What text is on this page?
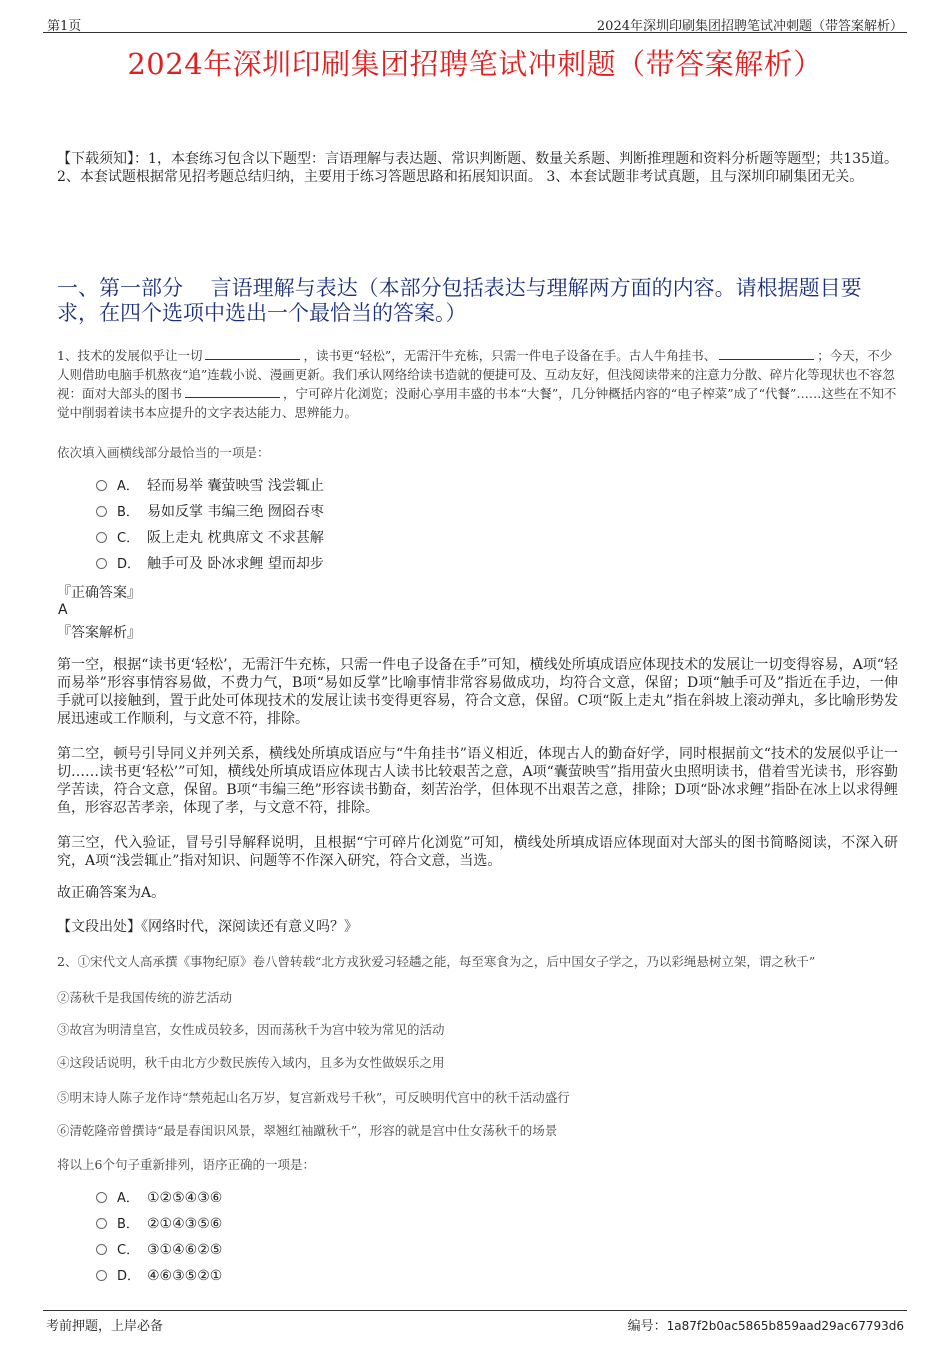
第1页	2024年深圳印刷集团招聘笔试冲刺题（带答案解析）
2024年深圳印刷集团招聘笔试冲刺题（带答案解析）
【下载须知】：1，本套练习包含以下题型：言语理解与表达题、常识判断题、数量关系题、判断推理题和资料分析题等题型；共135道。 2、本套试题根据常见招考题总结归纳，主要用于练习答题思路和拓展知识面。 3、本套试题非考试真题，且与深圳印刷集团无关。
一、第一部分　 言语理解与表达（本部分包括表达与理解两方面的内容。请根据题目要求，在四个选项中选出一个最恰当的答案。）
1、技术的发展似乎让一切	，读书更“轻松”，无需汗牛充栋，只需一件电子设备在手。古人牛角挂书、	；今天，不少人则借助电脑手机熬夜“追”连载小说、漫画更新。我们承认网络给读书造就的便捷可及、互动友好，但浅阅读带来的注意力分散、碎片化等现状也不容忽视：面对大部头的图书	，宁可碎片化浏览；没耐心享用丰盛的书本“大餐”，几分钟概括内容的“电子榨菜”成了“代餐”……这些在不知不觉中削弱着读书本应提升的文字表达能力、思辨能力。
依次填入画横线部分最恰当的一项是：
A． 轻而易举 囊萤映雪 浅尝辄止
B． 易如反掌 韦编三绝 囫囵吞枣
C． 阪上走丸 枕典席文 不求甚解
D． 触手可及 卧冰求鲤 望而却步
『正确答案』
A
『答案解析』
第一空，根据“读书更‘轻松’，无需汗牛充栋，只需一件电子设备在手”可知，横线处所填成语应体现技术的发展让一切变得容易，A项“轻而易举”形容事情容易做，不费力气，B项“易如反掌”比喻事情非常容易做成功，均符合文意，保留；D项“触手可及”指近在手边，一伸手就可以接触到，置于此处可体现技术的发展让读书变得更容易，符合文意，保留。C项“阪上走丸”指在斜坡上滚动弹丸，多比喻形势发展迅速或工作顺利，与文意不符，排除。
第二空，顿号引导同义并列关系，横线处所填成语应与“牛角挂书”语义相近，体现古人的勤奋好学，同时根据前文“技术的发展似乎让一切……读书更‘轻松’”可知，横线处所填成语应体现古人读书比较艰苦之意，A项“囊萤映雪”指用萤火虫照明读书，借着雪光读书，形容勤学苦读，符合文意，保留。B项“韦编三绝”形容读书勤奋，刻苦治学，但体现不出艰苦之意，排除；D项“卧冰求鲤”指卧在冰上以求得鲤鱼，形容忍苦孝亲，体现了孝，与文意不符，排除。
第三空，代入验证，冒号引导解释说明，且根据“宁可碎片化浏览”可知，横线处所填成语应体现面对大部头的图书简略阅读，不深入研究，A项“浅尝辄止”指对知识、问题等不作深入研究，符合文意，当选。
故正确答案为A。
【文段出处】《网络时代，深阅读还有意义吗？》
2、①宋代文人高承撰《事物纪原》卷八曾转载“北方戎狄爱习轻趫之能，每至寒食为之，后中国女子学之，乃以彩绳悬树立架，谓之秋千”
②荡秋千是我国传统的游艺活动
③故宫为明清皇宫，女性成员较多，因而荡秋千为宫中较为常见的活动
④这段话说明，秋千由北方少数民族传入域内，且多为女性做娱乐之用
⑤明末诗人陈子龙作诗“禁苑起山名万岁，复宫新戏号千秋”，可反映明代宫中的秋千活动盛行
⑥清乾隆帝曾撰诗“最是春闺识风景，翠翘红袖蹴秋千”，形容的就是宫中仕女荡秋千的场景
将以上6个句子重新排列，语序正确的一项是：
A． ①②⑤④③⑥
B． ②①④③⑤⑥
C． ③①④⑥②⑤
D． ④⑥③⑤②①
考前押题，上岸必备	编号：1a87f2b0ac5865b859aad29ac67793d6
